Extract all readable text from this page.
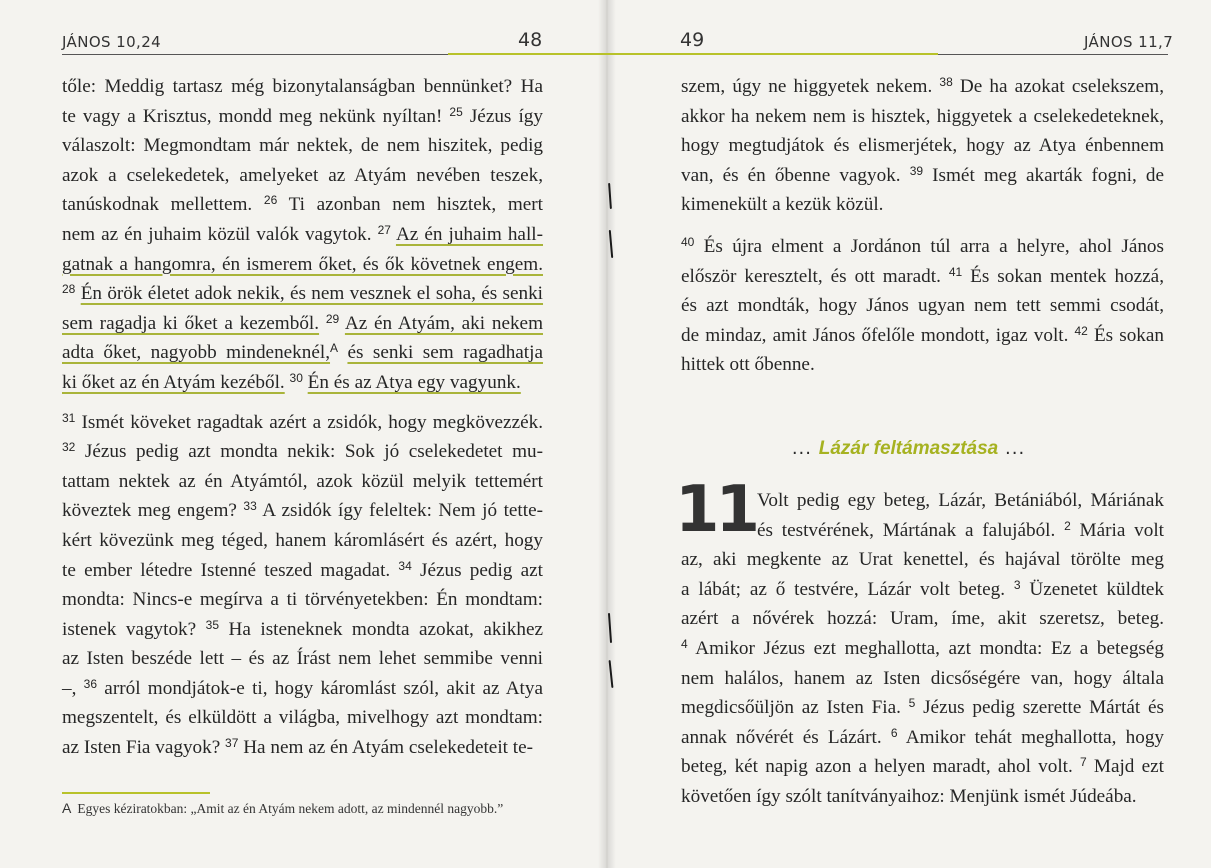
JÁNOS 10,24	48	49	JÁNOS 11,7
tőle: Meddig tartasz még bizonytalanságban bennünket? Ha
te vagy a Krisztus, mondd meg nekünk nyíltan! $^{25}$ Jézus így
válaszolt: Megmondtam már nektek, de nem hiszitek, pedig
azok a cselekedetek, amelyeket az Atyám nevében teszek,
tanúskodnak mellettem. $^{26}$ Ti azonban nem hisztek, mert
nem az én juhaim közül valók vagytok. $^{27}$ Az én juhaim hall-
gatnak a hangomra, én ismerem őket, és ők követnek engem.
$^{28}$ Én örök életet adok nekik, és nem vesznek el soha, és senki
sem ragadja ki őket a kezemből. $^{29}$ Az én Atyám, aki nekem
adta őket, nagyobb mindeneknél,$^A$ és senki sem ragadhatja
ki őket az én Atyám kezéből. $^{30}$ Én és az Atya egy vagyunk.
$^{31}$ Ismét köveket ragadtak azért a zsidók, hogy megkövezzék.
$^{32}$ Jézus pedig azt mondta nekik: Sok jó cselekedetet mu-
tattam nektek az én Atyámtól, azok közül melyik tettemért
köveztek meg engem? $^{33}$ A zsidók így feleltek: Nem jó tette-
kért kövezünk meg téged, hanem káromlásért és azért, hogy
te ember létedre Istenné teszed magadat. $^{34}$ Jézus pedig azt
mondta: Nincs-e megírva a ti törvényetekben: Én mondtam:
istenek vagytok? $^{35}$ Ha isteneknek mondta azokat, akikhez
az Isten beszéde lett – és az Írást nem lehet semmibe venni
–, $^{36}$ arról mondjátok-e ti, hogy káromlást szól, akit az Atya
megszentelt, és elküldött a világba, mivelhogy azt mondtam:
az Isten Fia vagyok? $^{37}$ Ha nem az én Atyám cselekedeteit te-
A Egyes kéziratokban: „Amit az én Atyám nekem adott, az mindennél nagyobb.”
szem, úgy ne higgyetek nekem. $^{38}$ De ha azokat cselekszem,
akkor ha nekem nem is hisztek, higgyetek a cselekedeteknek,
hogy megtudjátok és elismerjétek, hogy az Atya énbennem
van, és én őbenne vagyok. $^{39}$ Ismét meg akarták fogni, de
kimenekült a kezük közül.
$^{40}$ És újra elment a Jordánon túl arra a helyre, ahol János
először keresztelt, és ott maradt. $^{41}$ És sokan mentek hozzá,
és azt mondták, hogy János ugyan nem tett semmi csodát,
de mindaz, amit János őfelőle mondott, igaz volt. $^{42}$ És sokan
hittek ott őbenne.
... Lázár feltámasztása ...
11 Volt pedig egy beteg, Lázár, Betániából, Máriának
és testvérének, Mártának a falujából. $^2$ Mária volt
az, aki megkente az Urat kenettel, és hajával törölte meg
a lábát; az ő testvére, Lázár volt beteg. $^3$ Üzenetet küldtek
azért a nővérek hozzá: Uram, íme, akit szeretsz, beteg.
$^4$ Amikor Jézus ezt meghallotta, azt mondta: Ez a betegség
nem halálos, hanem az Isten dicsőségére van, hogy általa
megdicsőüljön az Isten Fia. $^5$ Jézus pedig szerette Mártát és
annak nővérét és Lázárt. $^6$ Amikor tehát meghallotta, hogy
beteg, két napig azon a helyen maradt, ahol volt. $^7$ Majd ezt
követően így szólt tanítványaihoz: Menjünk ismét Júdeába.
